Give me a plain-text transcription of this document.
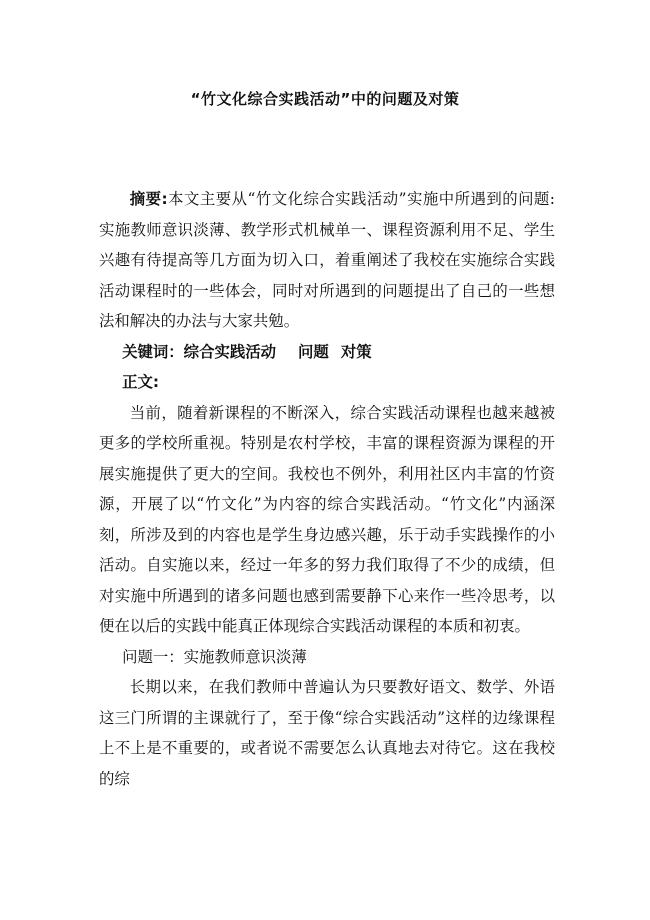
“竹文化综合实践活动”中的问题及对策

摘要:本文主要从“竹文化综合实践活动”实施中所遇到的问题:实施教师意识淡薄、教学形式机械单一、课程资源利用不足、学生兴趣有待提高等几方面为切入口，着重阐述了我校在实施综合实践活动课程时的一些体会，同时对所遇到的问题提出了自己的一些想法和解决的办法与大家共勉。

关键词：综合实践活动 问题 对策

正文:

当前，随着新课程的不断深入，综合实践活动课程也越来越被更多的学校所重视。特别是农村学校，丰富的课程资源为课程的开展实施提供了更大的空间。我校也不例外，利用社区内丰富的竹资源，开展了以“竹文化”为内容的综合实践活动。“竹文化”内涵深刻，所涉及到的内容也是学生身边感兴趣，乐于动手实践操作的小活动。自实施以来，经过一年多的努力我们取得了不少的成绩，但对实施中所遇到的诸多问题也感到需要静下心来作一些冷思考，以便在以后的实践中能真正体现综合实践活动课程的本质和初衷。

问题一：实施教师意识淡薄

长期以来，在我们教师中普遍认为只要教好语文、数学、外语这三门所谓的主课就行了，至于像“综合实践活动”这样的边缘课程上不上是不重要的，或者说不需要怎么认真地去对待它。这在我校的综
